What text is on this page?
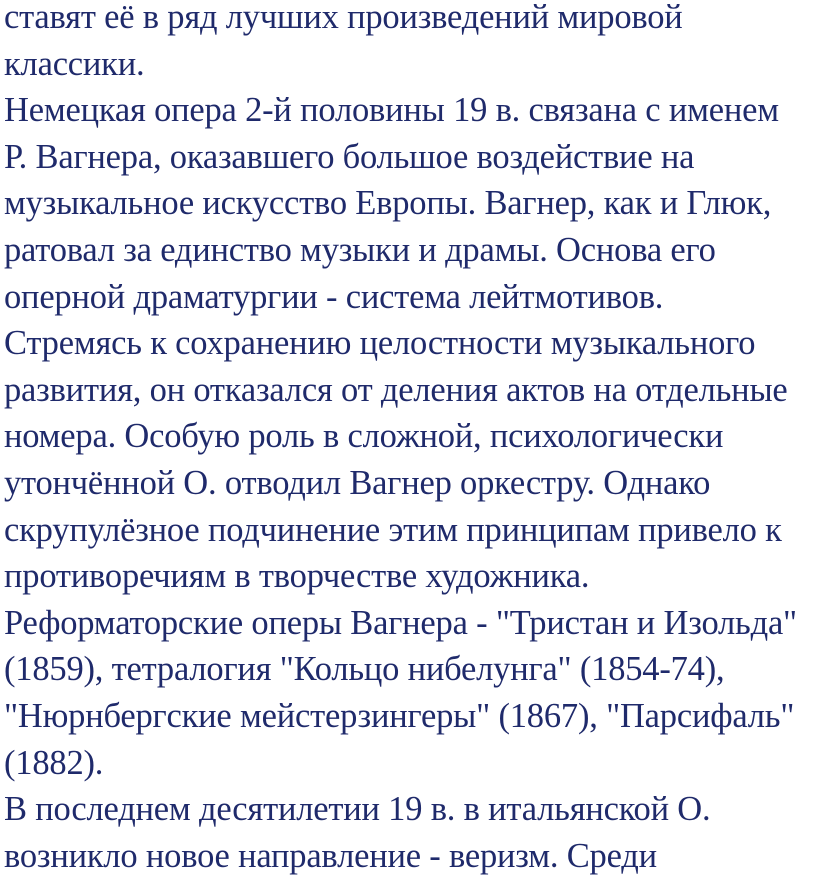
ставят её в ряд лучших произведений мировой
классики.
Немецкая опера 2-й половины 19 в. связана с именем
Р. Вагнера, оказавшего большое воздействие на
музыкальное искусство Европы. Вагнер, как и Глюк,
ратовал за единство музыки и драмы. Основа его
оперной драматургии - система лейтмотивов.
Стремясь к сохранению целостности музыкального
развития, он отказался от деления актов на отдельные
номера. Особую роль в сложной, психологически
утончённой О. отводил Вагнер оркестру. Однако
скрупулёзное подчинение этим принципам привело к
противоречиям в творчестве художника.
Реформаторские оперы Вагнера - "Тристан и Изольда"
(1859), тетралогия "Кольцо нибелунга" (1854-74),
"Нюрнбергские мейстерзингеры" (1867), "Парсифаль"
(1882).
В последнем десятилетии 19 в. в итальянской О.
возникло новое направление - веризм. Среди
